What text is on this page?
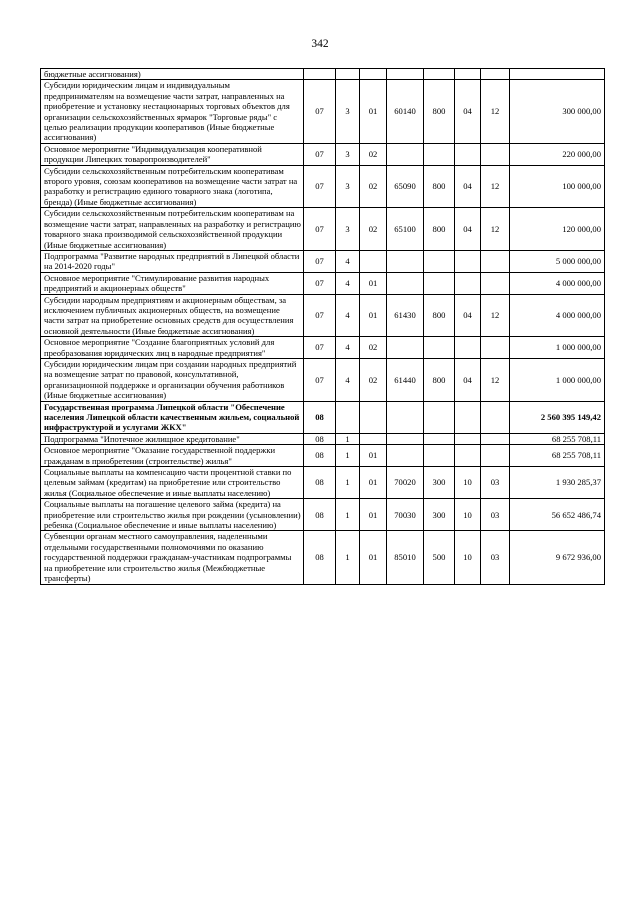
342
бюджетные ассигнования)								
Субсидии юридическим лицам и индивидуальным предпринимателям на возмещение части затрат, направленных на приобретение и установку нестационарных торговых объектов для организации сельскохозяйственных ярмарок "Торговые ряды" с целью реализации продукции кооперативов (Иные бюджетные ассигнования)	07	3	01	60140	800	04	12	300 000,00
Основное мероприятие "Индивидуализация кооперативной продукции Липецких товаропроизводителей"	07	3	02					220 000,00
Субсидии сельскохозяйственным потребительским кооперативам второго уровня, союзам кооперативов на возмещение части затрат на разработку и регистрацию единого товарного знака (логотипа, бренда) (Иные бюджетные ассигнования)	07	3	02	65090	800	04	12	100 000,00
Субсидии сельскохозяйственным потребительским кооперативам на возмещение части затрат, направленных на разработку и регистрацию товарного знака производимой сельскохозяйственной продукции (Иные бюджетные ассигнования)	07	3	02	65100	800	04	12	120 000,00
Подпрограмма "Развитие народных предприятий в Липецкой области на 2014-2020 годы"	07	4						5 000 000,00
Основное мероприятие "Стимулирование развития народных предприятий и акционерных обществ"	07	4	01					4 000 000,00
Субсидии народным предприятиям и акционерным обществам, за исключением публичных акционерных обществ, на возмещение части затрат на приобретение основных средств для осуществления основной деятельности (Иные бюджетные ассигнования)	07	4	01	61430	800	04	12	4 000 000,00
Основное мероприятие "Создание благоприятных условий для преобразования юридических лиц в народные предприятия"	07	4	02					1 000 000,00
Субсидии юридическим лицам при создании народных предприятий на возмещение затрат по правовой, консультативной, организационной поддержке и организации обучения работников (Иные бюджетные ассигнования)	07	4	02	61440	800	04	12	1 000 000,00
Государственная программа Липецкой области "Обеспечение населения Липецкой области качественным жильем, социальной инфраструктурой и услугами ЖКХ"	08							2 560 395 149,42
Подпрограмма "Ипотечное жилищное кредитование"	08	1						68 255 708,11
Основное мероприятие "Оказание государственной поддержки гражданам в приобретении (строительстве) жилья"	08	1	01					68 255 708,11
Социальные выплаты на компенсацию части процентной ставки по целевым займам (кредитам) на приобретение или строительство жилья (Социальное обеспечение и иные выплаты населению)	08	1	01	70020	300	10	03	1 930 285,37
Социальные выплаты на погашение целевого займа (кредита) на приобретение или строительство жилья при рождении (усыновлении) ребенка (Социальное обеспечение и иные выплаты населению)	08	1	01	70030	300	10	03	56 652 486,74
Субвенции органам местного самоуправления, наделенными отдельными государственными полномочиями по оказанию государственной поддержки гражданам-участникам подпрограммы на приобретение или строительство жилья (Межбюджетные трансферты)	08	1	01	85010	500	10	03	9 672 936,00
